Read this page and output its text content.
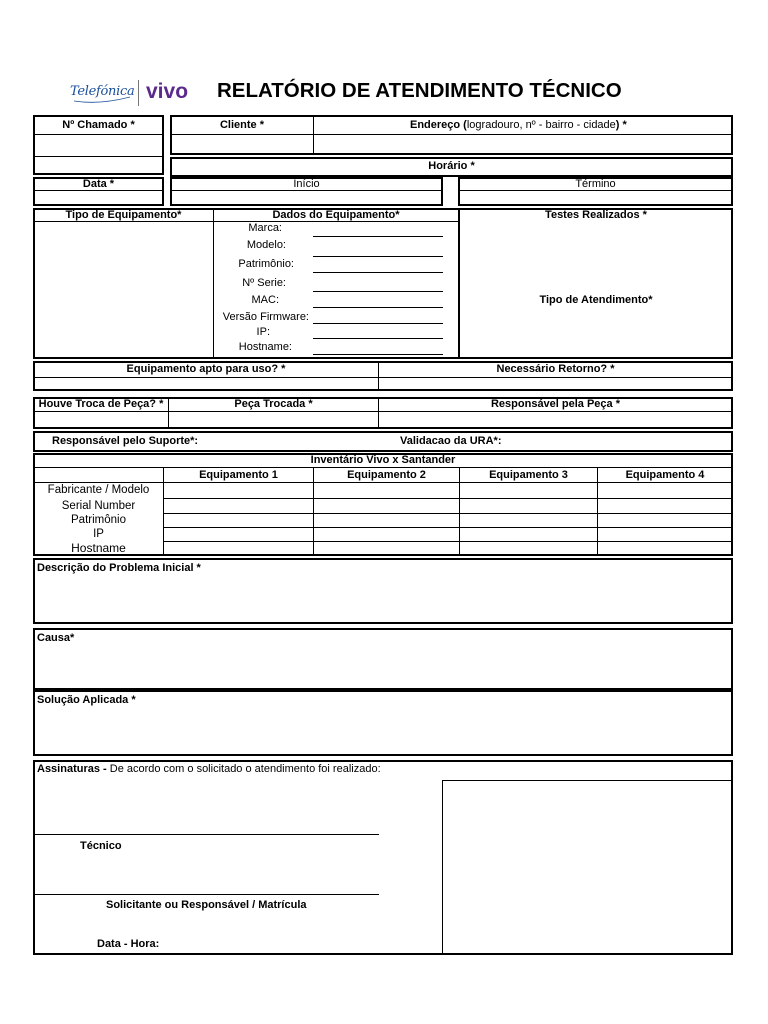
Telefónica vivo RELATÓRIO DE ATENDIMENTO TÉCNICO
Nº Chamado *	Cliente *	Endereço (logradouro, nº - bairro - cidade) *
Horário *
Data *	Início	Término
Tipo de Equipamento*	Dados do Equipamento*	Testes Realizados *
Tipo de Atendimento*
Marca:
Modelo:
Patrimônio:
Nº Serie:
MAC:
Versão Firmware:
IP:
Hostname:
Equipamento apto para uso? *	Necessário Retorno? *
Houve Troca de Peça? *	Peça Trocada *	Responsável pela Peça *
Responsável pelo Suporte*:	Validacao da URA*:
Inventário Vivo x Santander
Equipamento 1	Equipamento 2	Equipamento 3	Equipamento 4
Fabricante / Modelo
Serial Number
Patrimônio
IP
Hostname
Descrição do Problema Inicial *
Causa*
Solução Aplicada *
Assinaturas - De acordo com o solicitado o atendimento foi realizado:
Técnico
Solicitante ou Responsável / Matrícula
Data - Hora:
